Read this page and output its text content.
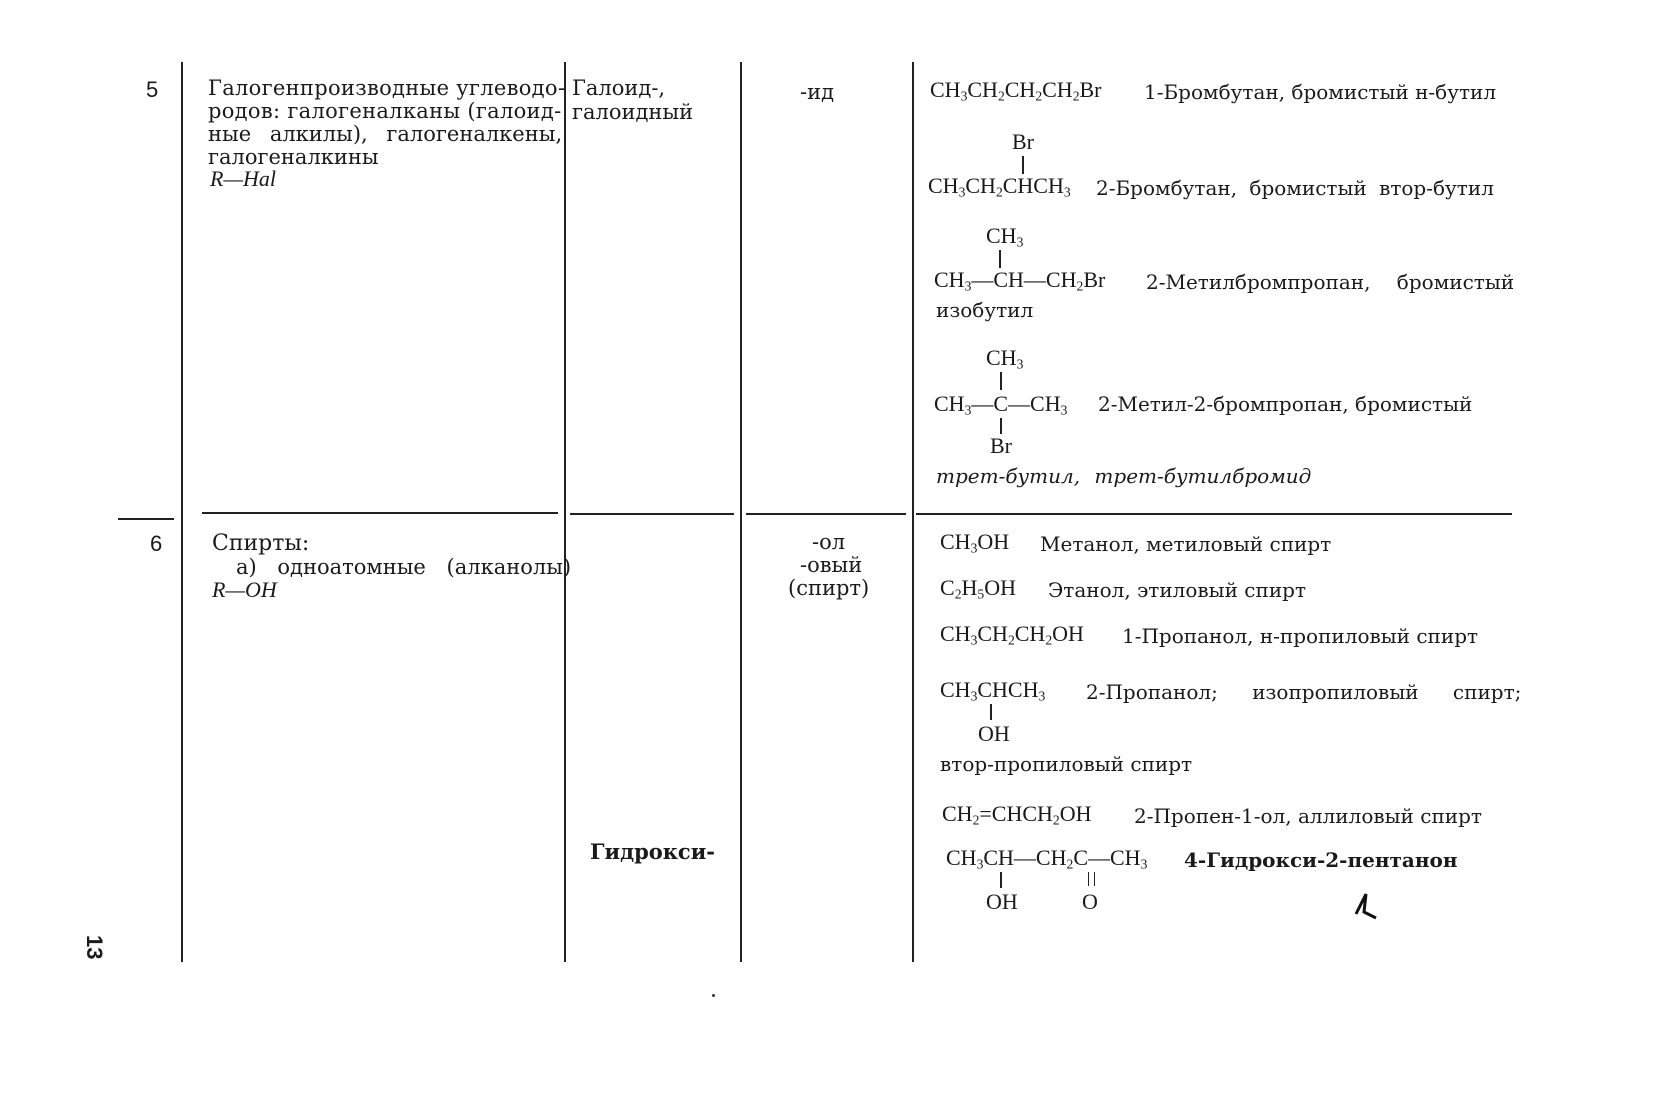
13
5 Галогенпроизводные углеводо-
родов: галогеналканы (галоид-
ные алкилы), галогеналкены,
галогеналкины
R—Hal
Галоид-,
галоидный
-ид	$CH_3CH_2CH_2CH_2Br$ 1-Бромбутан, бромистый н-бутил
Br
$CH_3CH_2CHCH_3$ 2-Бромбутан, бромистый втор-бутил
$CH_3$
$CH_3—CH—CH_2Br$ 2-Метилбромпропан, бромистый
изобутил
$CH_3$
$CH_3—C—CH_3$
Br
2-Метил-2-бромпропан, бромистый
трет-бутил, трет-бутилбромид
6 Спирты:
а) одноатомные (алканолы)
R—OH
-ол
-овый
(спирт)
Гидрокси-
$CH_3OH$ Метанол, метиловый спирт
$C_2H_5OH$ Этанол, этиловый спирт
$CH_3CH_2CH_2OH$ 1-Пропанол, н-пропиловый спирт
$CH_3CHCH_3$
OH
2-Пропанол; изопропиловый спирт;
втор-пропиловый спирт
$CH_2=CHCH_2OH$ 2-Пропен-1-ол, аллиловый спирт
$CH_3CH—CH_2C—CH_3$
OH	O
4-Гидрокси-2-пентанон
